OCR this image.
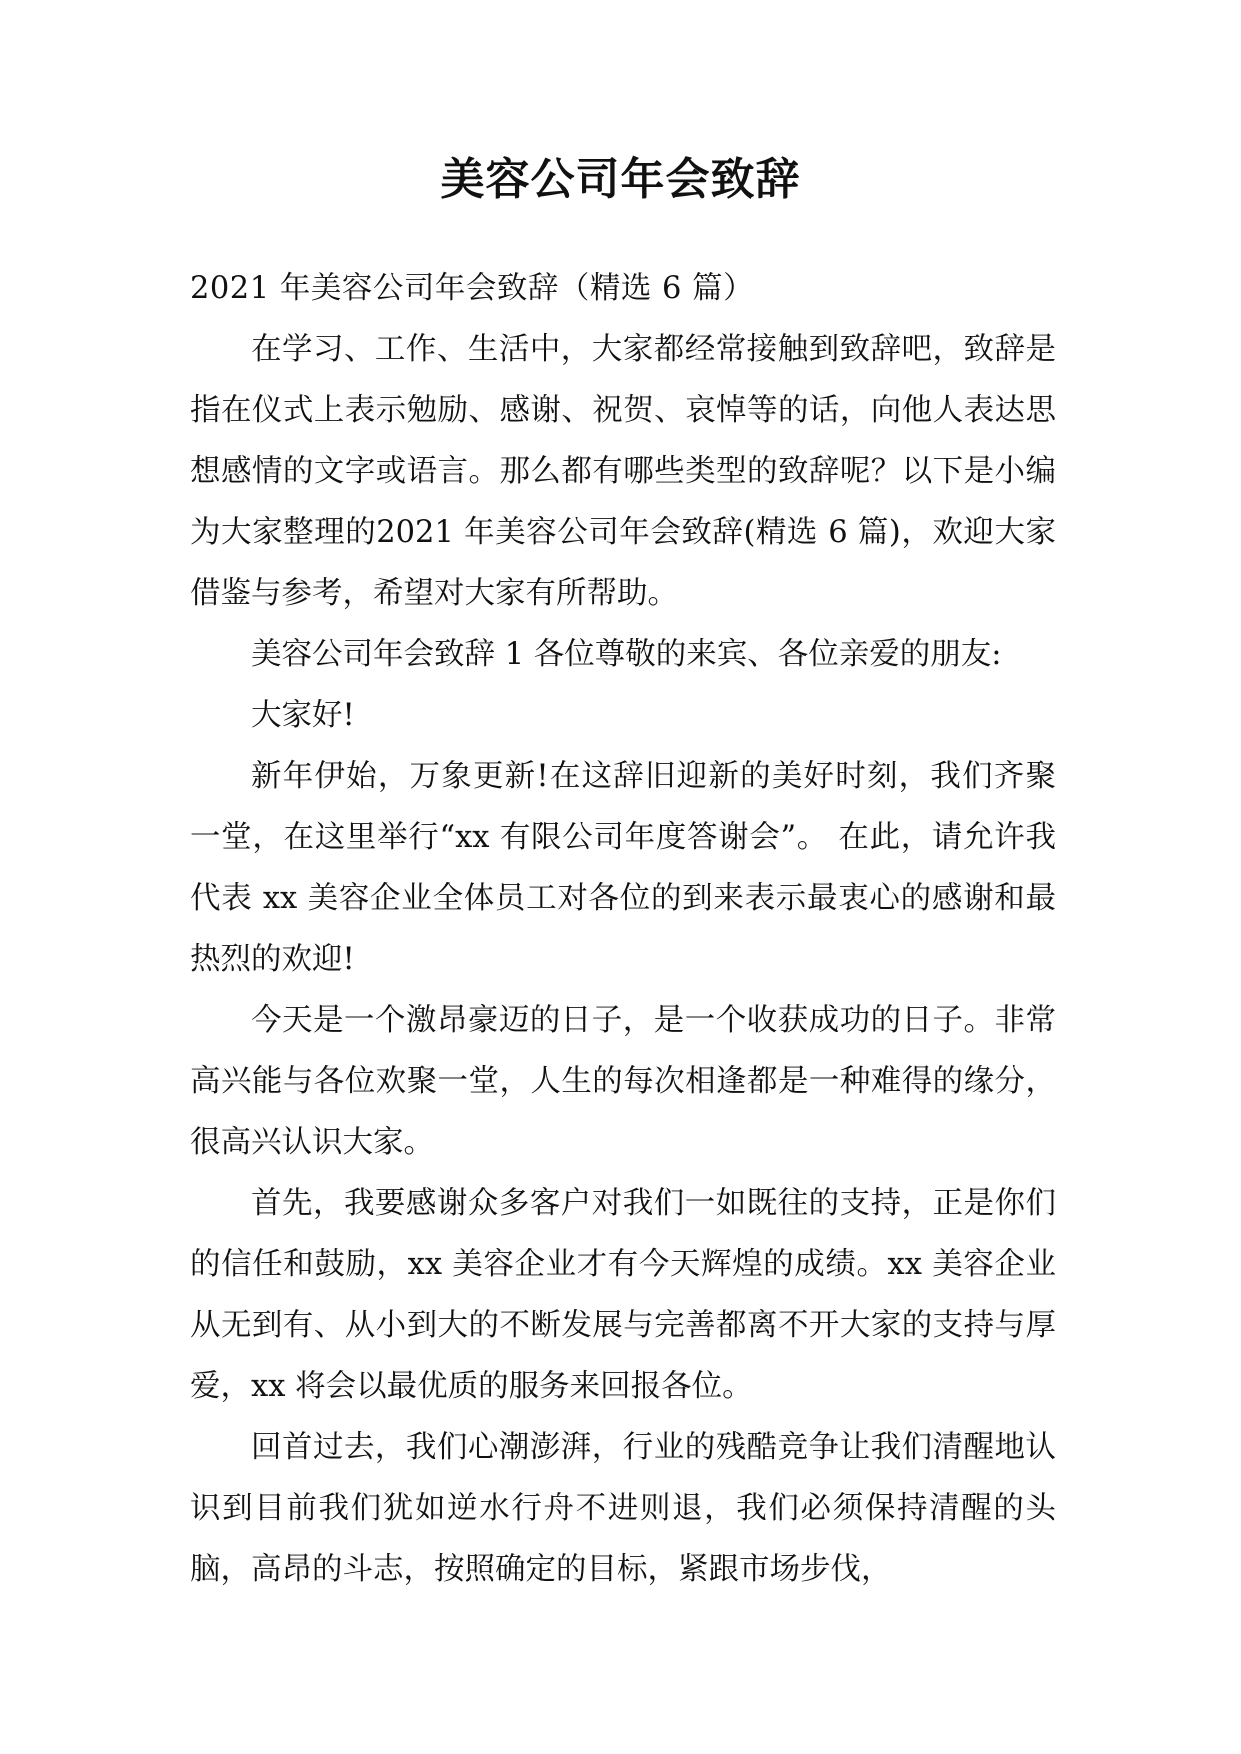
美容公司年会致辞

2021 年美容公司年会致辞（精选 6 篇）

在学习、工作、生活中，大家都经常接触到致辞吧，致辞是指在仪式上表示勉励、感谢、祝贺、哀悼等的话，向他人表达思想感情的文字或语言。那么都有哪些类型的致辞呢？以下是小编为大家整理的2021 年美容公司年会致辞(精选 6 篇)，欢迎大家借鉴与参考，希望对大家有所帮助。

美容公司年会致辞 1 各位尊敬的来宾、各位亲爱的朋友:

大家好!

新年伊始，万象更新!在这辞旧迎新的美好时刻，我们齐聚一堂，在这里举行“xx 有限公司年度答谢会”。 在此，请允许我代表 xx 美容企业全体员工对各位的到来表示最衷心的感谢和最热烈的欢迎!

今天是一个激昂豪迈的日子，是一个收获成功的日子。非常高兴能与各位欢聚一堂，人生的每次相逢都是一种难得的缘分，很高兴认识大家。

首先，我要感谢众多客户对我们一如既往的支持，正是你们的信任和鼓励，xx 美容企业才有今天辉煌的成绩。xx 美容企业从无到有、从小到大的不断发展与完善都离不开大家的支持与厚爱，xx 将会以最优质的服务来回报各位。

回首过去，我们心潮澎湃，行业的残酷竞争让我们清醒地认识到目前我们犹如逆水行舟不进则退，我们必须保持清醒的头脑，高昂的斗志，按照确定的目标，紧跟市场步伐，
